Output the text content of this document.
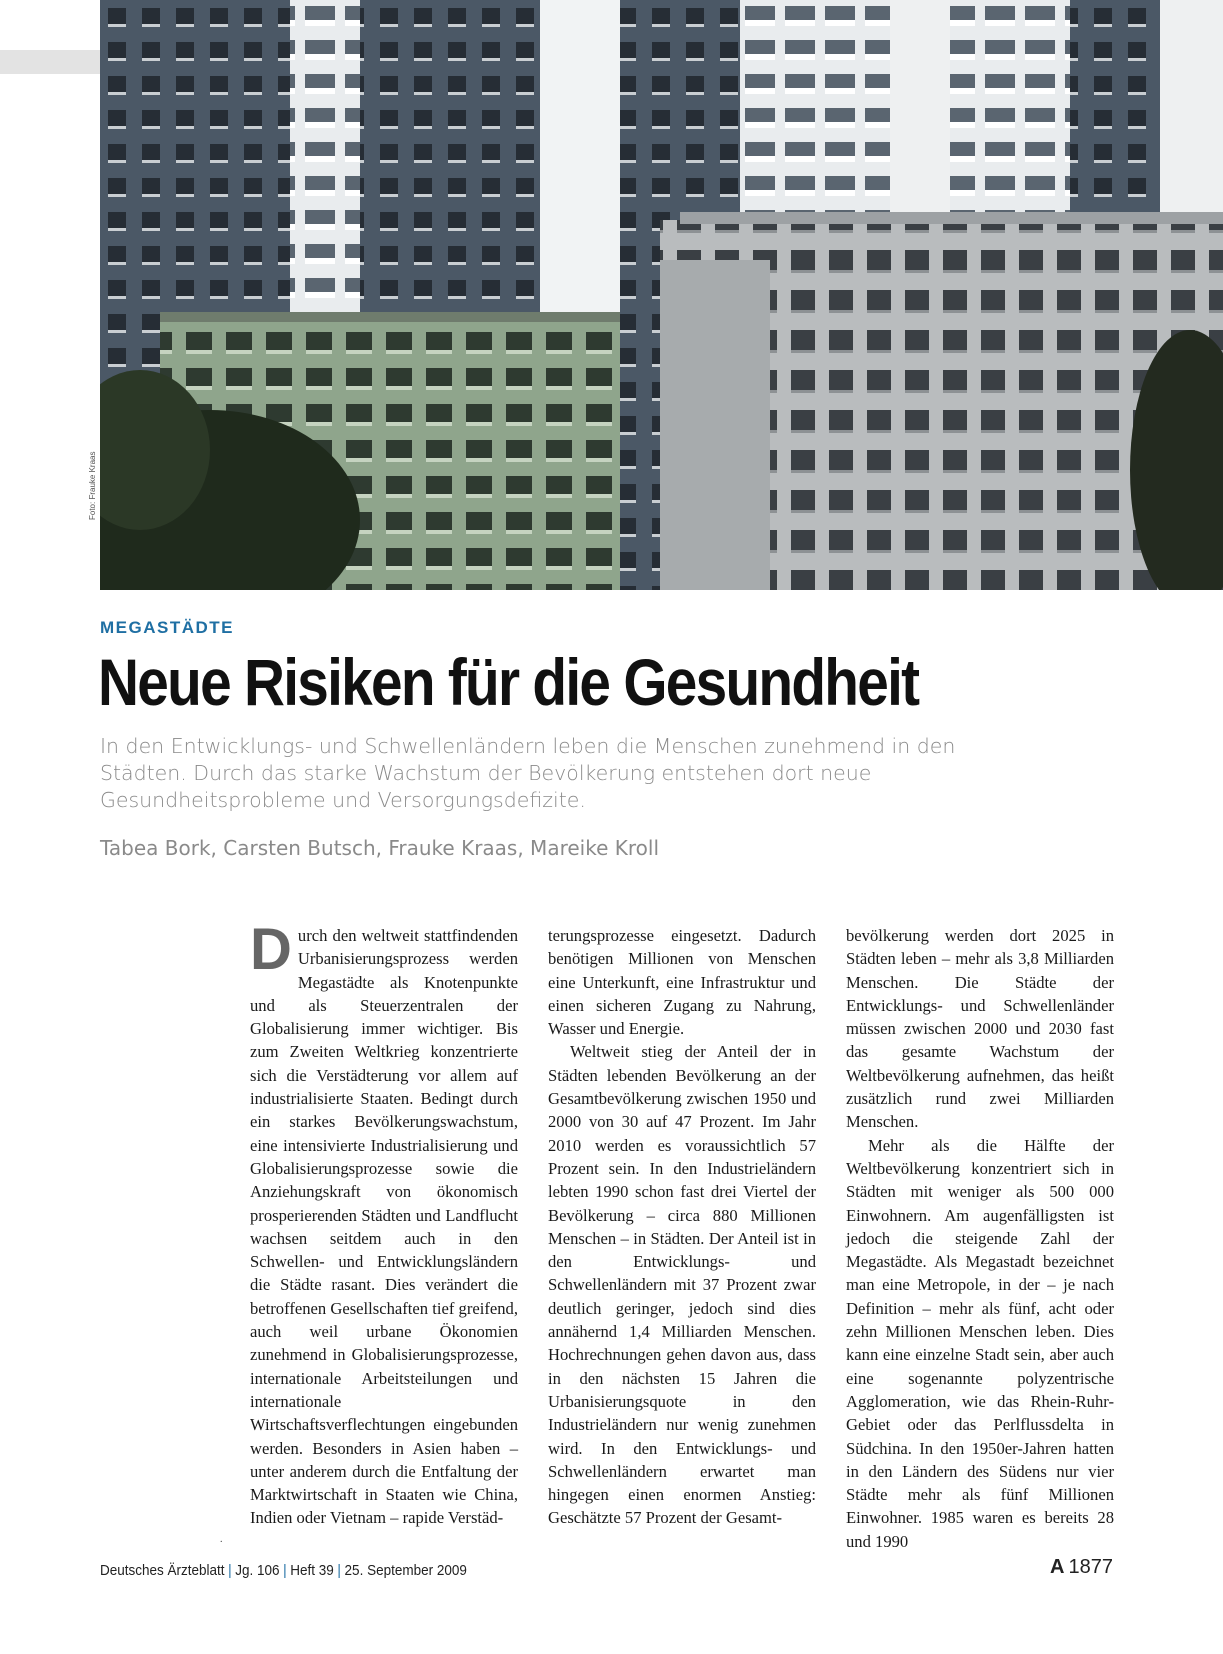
Foto: Frauke Kraas
MEGASTÄDTE
Neue Risiken für die Gesundheit
In den Entwicklungs- und Schwellenländern leben die Menschen zunehmend in den Städten. Durch das starke Wachstum der Bevölkerung entstehen dort neue Gesundheitsprobleme und Versorgungsdefizite.
Tabea Bork, Carsten Butsch, Frauke Kraas, Mareike Kroll

Durch den weltweit stattfindenden Urbanisierungsprozess werden Megastädte als Knotenpunkte und als Steuerzentralen der Globalisierung immer wichtiger. Bis zum Zweiten Weltkrieg konzentrierte sich die Verstädterung vor allem auf industrialisierte Staaten. Bedingt durch ein starkes Bevölkerungswachstum, eine intensivierte Industrialisierung und Globalisierungsprozesse sowie die Anziehungskraft von ökonomisch prosperierenden Städten und Landflucht wachsen seitdem auch in den Schwellen- und Entwicklungsländern die Städte rasant. Dies verändert die betroffenen Gesellschaften tief greifend, auch weil urbane Ökonomien zunehmend in Globalisierungsprozesse, internationale Arbeitsteilungen und internationale Wirtschaftsverflechtungen eingebunden werden. Besonders in Asien haben – unter anderem durch die Entfaltung der Marktwirtschaft in Staaten wie China, Indien oder Vietnam – rapide Verstäd-

terungsprozesse eingesetzt. Dadurch benötigen Millionen von Menschen eine Unterkunft, eine Infrastruktur und einen sicheren Zugang zu Nahrung, Wasser und Energie.

Weltweit stieg der Anteil der in Städten lebenden Bevölkerung an der Gesamtbevölkerung zwischen 1950 und 2000 von 30 auf 47 Prozent. Im Jahr 2010 werden es voraussichtlich 57 Prozent sein. In den Industrieländern lebten 1990 schon fast drei Viertel der Bevölkerung – circa 880 Millionen Menschen – in Städten. Der Anteil ist in den Entwicklungs- und Schwellenländern mit 37 Prozent zwar deutlich geringer, jedoch sind dies annähernd 1,4 Milliarden Menschen. Hochrechnungen gehen davon aus, dass in den nächsten 15 Jahren die Urbanisierungsquote in den Industrieländern nur wenig zunehmen wird. In den Entwicklungs- und Schwellenländern erwartet man hingegen einen enormen Anstieg: Geschätzte 57 Prozent der Gesamt-

bevölkerung werden dort 2025 in Städten leben – mehr als 3,8 Milliarden Menschen. Die Städte der Entwicklungs- und Schwellenländer müssen zwischen 2000 und 2030 fast das gesamte Wachstum der Weltbevölkerung aufnehmen, das heißt zusätzlich rund zwei Milliarden Menschen.

Mehr als die Hälfte der Weltbevölkerung konzentriert sich in Städten mit weniger als 500 000 Einwohnern. Am augenfälligsten ist jedoch die steigende Zahl der Megastädte. Als Megastadt bezeichnet man eine Metropole, in der – je nach Definition – mehr als fünf, acht oder zehn Millionen Menschen leben. Dies kann eine einzelne Stadt sein, aber auch eine sogenannte polyzentrische Agglomeration, wie das Rhein-Ruhr-Gebiet oder das Perlflussdelta in Südchina. In den 1950er-Jahren hatten in den Ländern des Südens nur vier Städte mehr als fünf Millionen Einwohner. 1985 waren es bereits 28 und 1990

.
Deutsches Ärzteblatt | Jg. 106 | Heft 39 | 25. September 2009	A 1877
